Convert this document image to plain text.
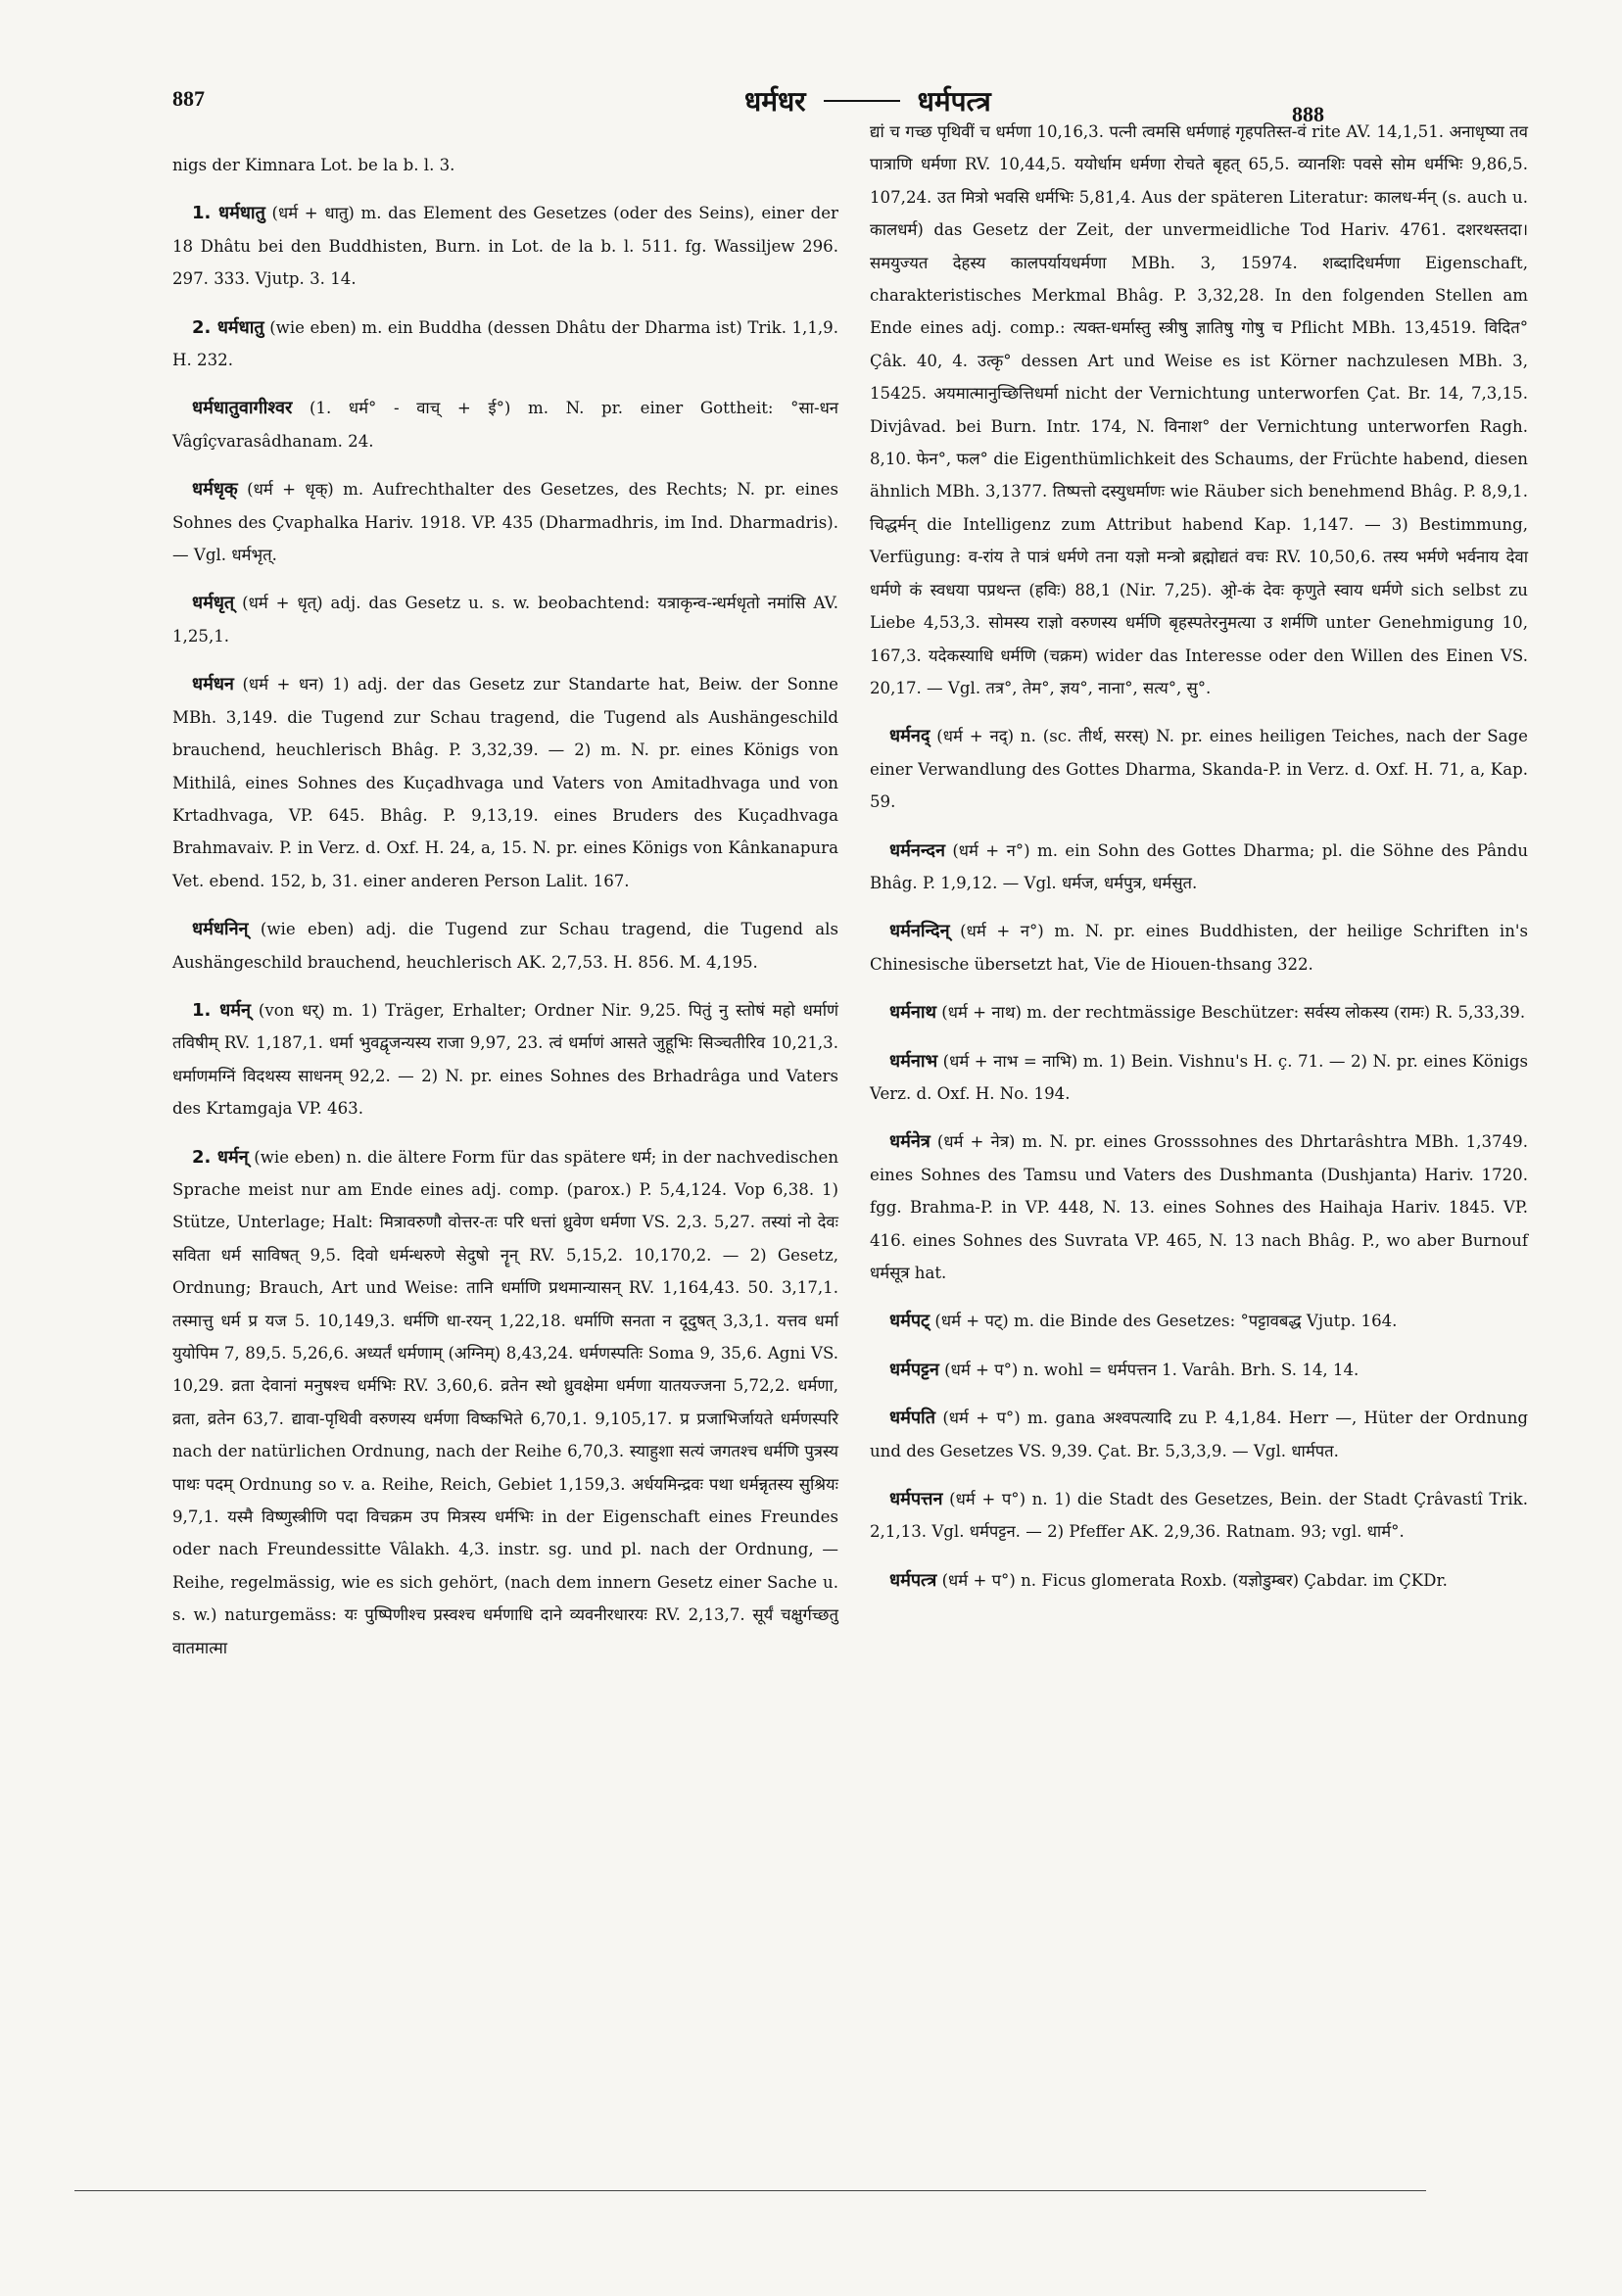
887	धर्मधर	धर्मपत्त्र	888

nigs der Kimnara Lot. be la b. l. 3.

1. धर्मधातु (धर्म + धातु) m. das Element des Gesetzes (oder des Seins), einer der 18 Dhâtu bei den Buddhisten, Burn. in Lot. de la b. l. 511. fg. Wassiljew 296. 297. 333. Vjutp. 3. 14.

2. धर्मधातु (wie eben) m. ein Buddha (dessen Dhâtu der Dharma ist) Trik. 1,1,9. H. 232.

धर्मधातुवागीश्वर (1. धर्म° - वाच् + ई°) m. N. pr. einer Gottheit: °सा-धन Vâgîçvarasâdhanam. 24.

धर्मधृक् (धर्म + धृक्) m. Aufrechthalter des Gesetzes, des Rechts; N. pr. eines Sohnes des Çvaphalka Hariv. 1918. VP. 435 (Dharmadhris, im Ind. Dharmadris). — Vgl. धर्मभृत्.

धर्मधृत् (धर्म + धृत्) adj. das Gesetz u. s. w. beobachtend: यत्राकृन्व-न्धर्मधृतो नमांसि AV. 1,25,1.

धर्मधन (धर्म + धन) 1) adj. der das Gesetz zur Standarte hat, Beiw. der Sonne MBh. 3,149. die Tugend zur Schau tragend, die Tugend als Aushängeschild brauchend, heuchlerisch Bhâg. P. 3,32,39. — 2) m. N. pr. eines Königs von Mithilâ, eines Sohnes des Kuçadhvaga und Vaters von Amitadhvaga und von Krtadhvaga, VP. 645. Bhâg. P. 9,13,19. eines Bruders des Kuçadhvaga Brahmavaiv. P. in Verz. d. Oxf. H. 24, a, 15. N. pr. eines Königs von Kânkanapura Vet. ebend. 152, b, 31. einer anderen Person Lalit. 167.

धर्मधनिन् (wie eben) adj. die Tugend zur Schau tragend, die Tugend als Aushängeschild brauchend, heuchlerisch AK. 2,7,53. H. 856. M. 4,195.

1. धर्मन् (von धर्) m. 1) Träger, Erhalter; Ordner Nir. 9,25. पितुं नु स्तोषं महो धर्माणं तविषीम् RV. 1,187,1. धर्मा भुवद्वृजन्यस्य राजा 9,97, 23. त्वं धर्माणं आसते जुहूभिः सिञ्चतीरिव 10,21,3. धर्माणमग्निं विदथस्य साधनम् 92,2. — 2) N. pr. eines Sohnes des Brhadrâga und Vaters des Krtamgaja VP. 463.

2. धर्मन् (wie eben) n. die ältere Form für das spätere धर्म; in der nachvedischen Sprache meist nur am Ende eines adj. comp. (parox.) P. 5,4,124. Vop 6,38. 1) Stütze, Unterlage; Halt: मित्रावरुणौ वोत्तर-तः परि धत्तां ध्रुवेण धर्मणा VS. 2,3. 5,27. तस्यां नो देवः सविता धर्म साविषत् 9,5. दिवो धर्मन्धरुणे सेदुषो नॄन् RV. 5,15,2. 10,170,2. — 2) Gesetz, Ordnung; Brauch, Art und Weise: तानि धर्माणि प्रथमान्यासन् RV. 1,164,43. 50. 3,17,1. तस्मात्तु धर्म प्र यज 5. 10,149,3. धर्मणि धा-रयन् 1,22,18. धर्माणि सनता न दूदुषत् 3,3,1. यत्तव धर्मा युयोपिम 7, 89,5. 5,26,6. अध्यर्तं धर्मणाम् (अग्निम्) 8,43,24. धर्मणस्पतिः Soma 9, 35,6. Agni VS. 10,29. व्रता देवानां मनुषश्च धर्मभिः RV. 3,60,6. व्रतेन स्थो ध्रुवक्षेमा धर्मणा यातयज्जना 5,72,2. धर्मणा, व्रता, व्रतेन 63,7. द्यावा-पृथिवी वरुणस्य धर्मणा विष्कभिते 6,70,1. 9,105,17. प्र प्रजाभिर्जायते धर्मणस्परि nach der natürlichen Ordnung, nach der Reihe 6,70,3. स्याहुशा सत्यं जगतश्च धर्मणि पुत्रस्य पाथः पदम् Ordnung so v. a. Reihe, Reich, Gebiet 1,159,3. अर्धयमिन्द्रवः पथा धर्मन्नृतस्य सुश्रियः 9,7,1. यस्मै विष्णुस्त्रीणि पदा विचक्रम उप मित्रस्य धर्मभिः in der Eigenschaft eines Freundes oder nach Freundessitte Vâlakh. 4,3. instr. sg. und pl. nach der Ordnung, — Reihe, regelmässig, wie es sich gehört, (nach dem innern Gesetz einer Sache u. s. w.) naturgemäss: यः पुष्पिणीश्च प्रस्वश्च धर्मणाधि दाने व्यवनीरधारयः RV. 2,13,7. सूर्यं चक्षुर्गच्छतु वातमात्मा

द्यां च गच्छ पृथिवीं च धर्मणा 10,16,3. पत्नी त्वमसि धर्मणाहं गृहपतिस्त-वं rite AV. 14,1,51. अनाधृष्या तव पात्राणि धर्मणा RV. 10,44,5. ययोर्धाम धर्मणा रोचते बृहत् 65,5. व्यानशिः पवसे सोम धर्मभिः 9,86,5. 107,24. उत मित्रो भवसि धर्मभिः 5,81,4. Aus der späteren Literatur: कालध-र्मन् (s. auch u. कालधर्म) das Gesetz der Zeit, der unvermeidliche Tod Hariv. 4761. दशरथस्तदा। समयुज्यत देहस्य कालपर्यायधर्मणा MBh. 3, 15974. शब्दादिधर्मणा Eigenschaft, charakteristisches Merkmal Bhâg. P. 3,32,28. In den folgenden Stellen am Ende eines adj. comp.: त्यक्त-धर्मास्तु स्त्रीषु ज्ञातिषु गोषु च Pflicht MBh. 13,4519. विदित° Çâk. 40, 4. उत्कृ° dessen Art und Weise es ist Körner nachzulesen MBh. 3, 15425. अयमात्मानुच्छित्तिधर्मा nicht der Vernichtung unterworfen Çat. Br. 14, 7,3,15. Divjâvad. bei Burn. Intr. 174, N. विनाश° der Vernichtung unterworfen Ragh. 8,10. फेन°, फल° die Eigenthümlichkeit des Schaums, der Früchte habend, diesen ähnlich MBh. 3,1377. तिष्पत्तो दस्युधर्माणः wie Räuber sich benehmend Bhâg. P. 8,9,1. चिद्धर्मन् die Intelligenz zum Attribut habend Kap. 1,147. — 3) Bestimmung, Verfügung: व-रांय ते पात्रं धर्मणे तना यज्ञो मन्त्रो ब्रह्मोद्यतं वचः RV. 10,50,6. तस्य भर्मणे भर्वनाय देवा धर्मणे कं स्वधया पप्रथन्त (हविः) 88,1 (Nir. 7,25). अ्रो-कं देवः कृणुते स्वाय धर्मणे sich selbst zu Liebe 4,53,3. सोमस्य राज्ञो वरुणस्य धर्मणि बृहस्पतेरनुमत्या उ शर्मणि unter Genehmigung 10, 167,3. यदेकस्याधि धर्मणि (चक्रम) wider das Interesse oder den Willen des Einen VS. 20,17. — Vgl. तत्र°, तेम°, ज्ञय°, नाना°, सत्य°, सु°.

धर्मनद् (धर्म + नद्) n. (sc. तीर्थ, सरस्) N. pr. eines heiligen Teiches, nach der Sage einer Verwandlung des Gottes Dharma, Skanda-P. in Verz. d. Oxf. H. 71, a, Kap. 59.

धर्मनन्दन (धर्म + न°) m. ein Sohn des Gottes Dharma; pl. die Söhne des Pându Bhâg. P. 1,9,12. — Vgl. धर्मज, धर्मपुत्र, धर्मसुत.

धर्मनन्दिन् (धर्म + न°) m. N. pr. eines Buddhisten, der heilige Schriften in's Chinesische übersetzt hat, Vie de Hiouen-thsang 322.

धर्मनाथ (धर्म + नाथ) m. der rechtmässige Beschützer: सर्वस्य लोकस्य (रामः) R. 5,33,39.

धर्मनाभ (धर्म + नाभ = नाभि) m. 1) Bein. Vishnu's H. ç. 71. — 2) N. pr. eines Königs Verz. d. Oxf. H. No. 194.

धर्मनेत्र (धर्म + नेत्र) m. N. pr. eines Grosssohnes des Dhrtarâshtra MBh. 1,3749. eines Sohnes des Tamsu und Vaters des Dushmanta (Dushjanta) Hariv. 1720. fgg. Brahma-P. in VP. 448, N. 13. eines Sohnes des Haihaja Hariv. 1845. VP. 416. eines Sohnes des Suvrata VP. 465, N. 13 nach Bhâg. P., wo aber Burnouf धर्मसूत्र hat.

धर्मपट् (धर्म + पट्) m. die Binde des Gesetzes: °पट्टावबद्ध Vjutp. 164.

धर्मपट्टन (धर्म + प°) n. wohl = धर्मपत्तन 1. Varâh. Brh. S. 14, 14.

धर्मपति (धर्म + प°) m. gana अश्वपत्यादि zu P. 4,1,84. Herr —, Hüter der Ordnung und des Gesetzes VS. 9,39. Çat. Br. 5,3,3,9. — Vgl. धार्मपत.

धर्मपत्तन (धर्म + प°) n. 1) die Stadt des Gesetzes, Bein. der Stadt Çrâvastî Trik. 2,1,13. Vgl. धर्मपट्टन. — 2) Pfeffer AK. 2,9,36. Ratnam. 93; vgl. धार्म°.

धर्मपत्त्र (धर्म + प°) n. Ficus glomerata Roxb. (यज्ञोडुम्बर) Çabdar. im ÇKDr.
